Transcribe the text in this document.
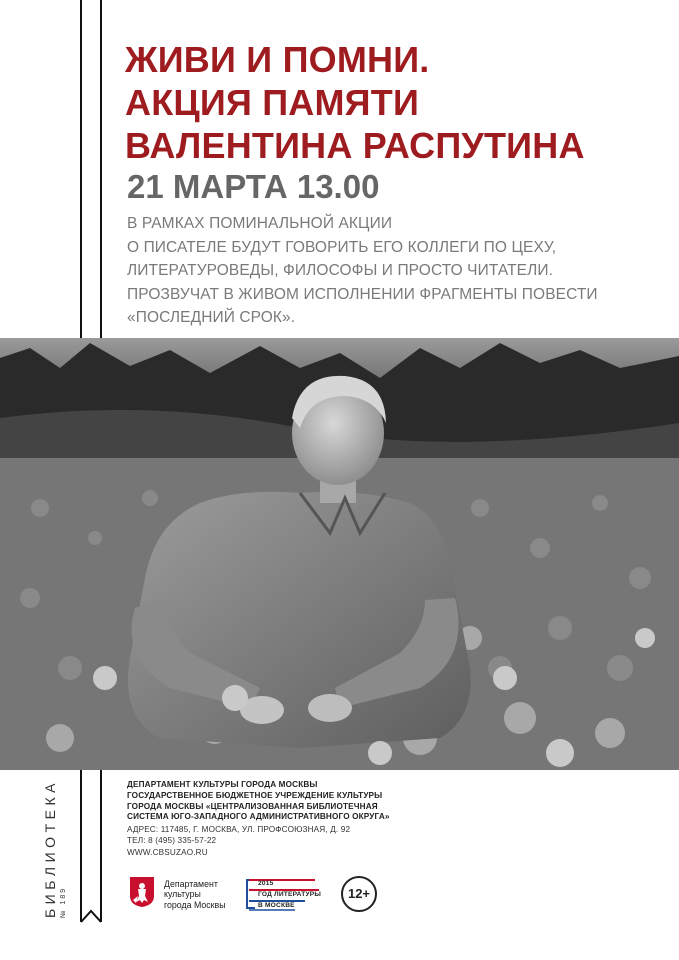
ЖИВИ И ПОМНИ.
АКЦИЯ ПАМЯТИ
ВАЛЕНТИНА РАСПУТИНА
21 МАРТА 13.00
В РАМКАХ ПОМИНАЛЬНОЙ АКЦИИ
О ПИСАТЕЛЕ БУДУТ ГОВОРИТЬ ЕГО КОЛЛЕГИ ПО ЦЕХУ,
ЛИТЕРАТУРОВЕДЫ, ФИЛОСОФЫ И ПРОСТО ЧИТАТЕЛИ.
ПРОЗВУЧАТ В ЖИВОМ ИСПОЛНЕНИИ ФРАГМЕНТЫ ПОВЕСТИ
«ПОСЛЕДНИЙ СРОК».
БИБЛИОТЕКА № 189
ДЕПАРТАМЕНТ КУЛЬТУРЫ ГОРОДА МОСКВЫ
ГОСУДАРСТВЕННОЕ БЮДЖЕТНОЕ УЧРЕЖДЕНИЕ КУЛЬТУРЫ
ГОРОДА МОСКВЫ «ЦЕНТРАЛИЗОВАННАЯ БИБЛИОТЕЧНАЯ
СИСТЕМА ЮГО-ЗАПАДНОГО АДМИНИСТРАТИВНОГО ОКРУГА»
АДРЕС: 117485, Г. МОСКВА, УЛ. ПРОФСОЮЗНАЯ, Д. 92
ТЕЛ: 8 (495) 335-57-22
WWW.CBSUZAO.RU
Департамент
культуры
города Москвы
2015
ГОД ЛИТЕРАТУРЫ
В МОСКВЕ
12+
